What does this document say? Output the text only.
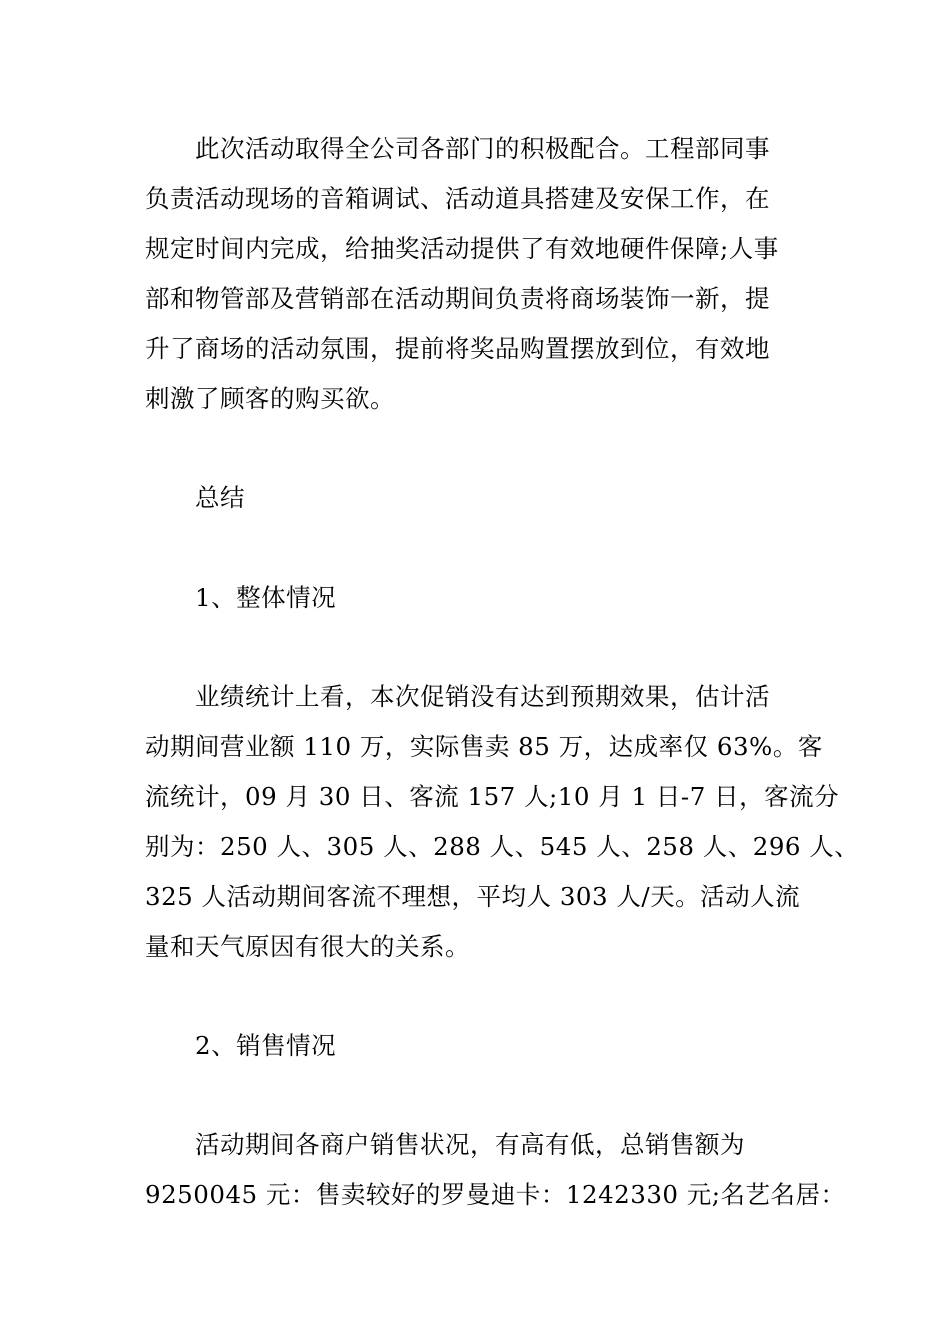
　　此次活动取得全公司各部门的积极配合。工程部同事
负责活动现场的音箱调试、活动道具搭建及安保工作，在
规定时间内完成，给抽奖活动提供了有效地硬件保障;人事
部和物管部及营销部在活动期间负责将商场装饰一新，提
升了商场的活动氛围，提前将奖品购置摆放到位，有效地
刺激了顾客的购买欲。
　　总结
　　1、整体情况
　　业绩统计上看，本次促销没有达到预期效果，估计活
动期间营业额 110 万，实际售卖 85 万，达成率仅 63%。客
流统计，09 月 30 日、客流 157 人;10 月 1 日-7 日，客流分
别为：250 人、305 人、288 人、545 人、258 人、296 人、
325 人活动期间客流不理想，平均人 303 人/天。活动人流
量和天气原因有很大的关系。
　　2、销售情况
　　活动期间各商户销售状况，有高有低，总销售额为
9250045 元：售卖较好的罗曼迪卡：1242330 元;名艺名居：
